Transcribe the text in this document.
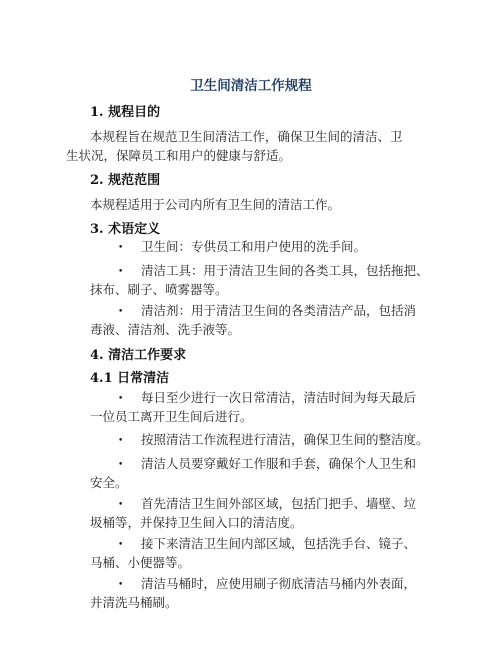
卫生间清洁工作规程
1. 规程目的
本规程旨在规范卫生间清洁工作，确保卫生间的清洁、卫
生状况，保障员工和用户的健康与舒适。
2. 规范范围
本规程适用于公司内所有卫生间的清洁工作。
3. 术语定义
• 卫生间：专供员工和用户使用的洗手间。
• 清洁工具：用于清洁卫生间的各类工具，包括拖把、
抹布、刷子、喷雾器等。
• 清洁剂：用于清洁卫生间的各类清洁产品，包括消
毒液、清洁剂、洗手液等。
4. 清洁工作要求
4.1 日常清洁
• 每日至少进行一次日常清洁，清洁时间为每天最后
一位员工离开卫生间后进行。
• 按照清洁工作流程进行清洁，确保卫生间的整洁度。
• 清洁人员要穿戴好工作服和手套，确保个人卫生和
安全。
• 首先清洁卫生间外部区域，包括门把手、墙壁、垃
圾桶等，并保持卫生间入口的清洁度。
• 接下来清洁卫生间内部区域，包括洗手台、镜子、
马桶、小便器等。
• 清洁马桶时，应使用刷子彻底清洁马桶内外表面，
并清洗马桶刷。
